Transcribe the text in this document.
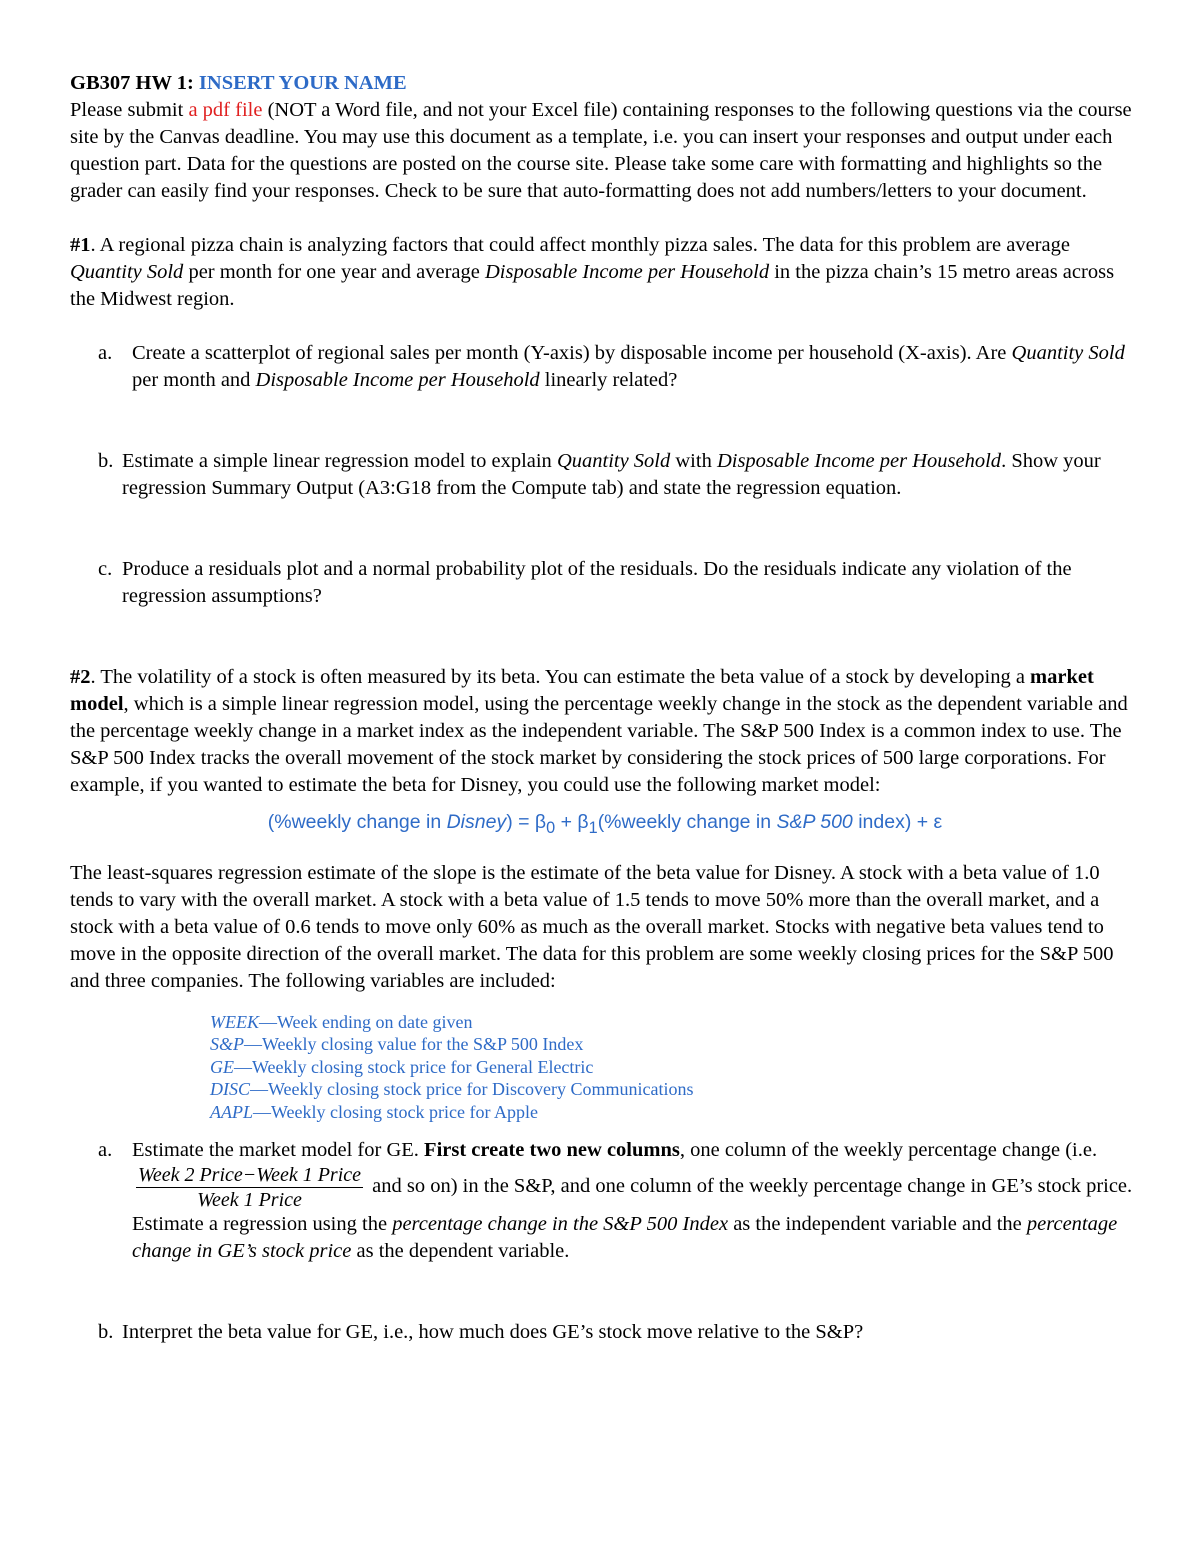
GB307 HW 1: INSERT YOUR NAME

Please submit a pdf file (NOT a Word file, and not your Excel file) containing responses to the following questions via the course site by the Canvas deadline. You may use this document as a template, i.e. you can insert your responses and output under each question part. Data for the questions are posted on the course site. Please take some care with formatting and highlights so the grader can easily find your responses. Check to be sure that auto-formatting does not add numbers/letters to your document.

#1. A regional pizza chain is analyzing factors that could affect monthly pizza sales. The data for this problem are average Quantity Sold per month for one year and average Disposable Income per Household in the pizza chain’s 15 metro areas across the Midwest region.

a. Create a scatterplot of regional sales per month (Y-axis) by disposable income per household (X-axis). Are Quantity Sold per month and Disposable Income per Household linearly related?
b. Estimate a simple linear regression model to explain Quantity Sold with Disposable Income per Household. Show your regression Summary Output (A3:G18 from the Compute tab) and state the regression equation.
c. Produce a residuals plot and a normal probability plot of the residuals. Do the residuals indicate any violation of the regression assumptions?

#2. The volatility of a stock is often measured by its beta. You can estimate the beta value of a stock by developing a market model, which is a simple linear regression model, using the percentage weekly change in the stock as the dependent variable and the percentage weekly change in a market index as the independent variable. The S&P 500 Index is a common index to use. The S&P 500 Index tracks the overall movement of the stock market by considering the stock prices of 500 large corporations. For example, if you wanted to estimate the beta for Disney, you could use the following market model:

(%weekly change in Disney) = $\beta_0$ + $\beta_1(\%weekly$ change in S&P 500 index) + ε

The least-squares regression estimate of the slope is the estimate of the beta value for Disney. A stock with a beta value of 1.0 tends to vary with the overall market. A stock with a beta value of 1.5 tends to move 50% more than the overall market, and a stock with a beta value of 0.6 tends to move only 60% as much as the overall market. Stocks with negative beta values tend to move in the opposite direction of the overall market. The data for this problem are some weekly closing prices for the S&P 500 and three companies. The following variables are included:

WEEK—Week ending on date given
S&P—Weekly closing value for the S&P 500 Index
GE—Weekly closing stock price for General Electric
DISC—Weekly closing stock price for Discovery Communications
AAPL—Weekly closing stock price for Apple
a. Estimate the market model for GE. First create two new columns, one column of the weekly percentage change (i.e.
$\frac{\text{Week 2 Price−Week 1 Price}}{\text{Week 1 Price}}$ and so on) in the S&P, and one column of the weekly percentage change in GE’s stock price. Estimate a regression using the percentage change in the S&P 500 Index as the independent variable and the percentage change in GE’s stock price as the dependent variable.
b. Interpret the beta value for GE, i.e., how much does GE’s stock move relative to the S&P?
